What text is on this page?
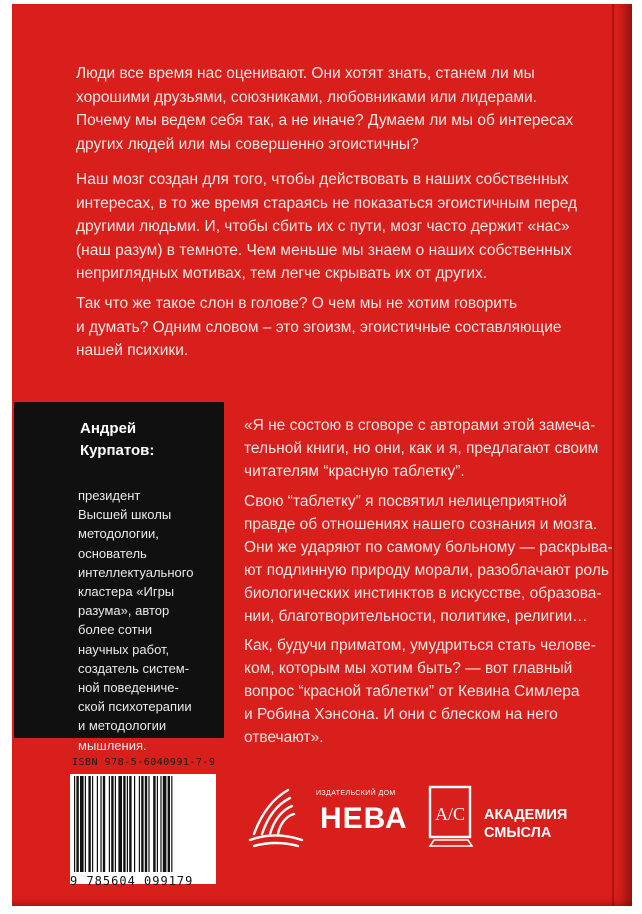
Люди все время нас оценивают. Они хотят знать, станем ли мы
хорошими друзьями, союзниками, любовниками или лидерами.
Почему мы ведем себя так, а не иначе? Думаем ли мы об интересах
других людей или мы совершенно эгоистичны?

Наш мозг создан для того, чтобы действовать в наших собственных
интересах, в то же время стараясь не показаться эгоистичным перед
другими людьми. И, чтобы сбить их с пути, мозг часто держит «нас»
(наш разум) в темноте. Чем меньше мы знаем о наших собственных
неприглядных мотивах, тем легче скрывать их от других.

Так что же такое слон в голове? О чем мы не хотим говорить
и думать? Одним словом – это эгоизм, эгоистичные составляющие
нашей психики.

Андрей
Курпатов:

президент
Высшей школы
методологии,
основатель
интеллектуального
кластера «Игры
разума», автор
более сотни
научных работ,
создатель систем-
ной поведениче-
ской психотерапии
и методологии
мышления.

«Я не состою в сговоре с авторами этой замеча-
тельной книги, но они, как и я, предлагают своим
читателям “красную таблетку”.

Свою “таблетку” я посвятил нелицеприятной
правде об отношениях нашего сознания и мозга.
Они же ударяют по самому больному — раскрыва-
ют подлинную природу морали, разоблачают роль
биологических инстинктов в искусстве, образова-
нии, благотворительности, политике, религии…

Как, будучи приматом, умудриться стать челове-
ком, которым мы хотим быть? — вот главный
вопрос “красной таблетки” от Кевина Симлера
и Робина Хэнсона. И они с блеском на него
отвечают».

ISBN 978-5-6040991-7-9
9 785604 099179
ИЗДАТЕЛЬСКИЙ ДОМ
НЕВА А/С АКАДЕМИЯ
СМЫСЛА
